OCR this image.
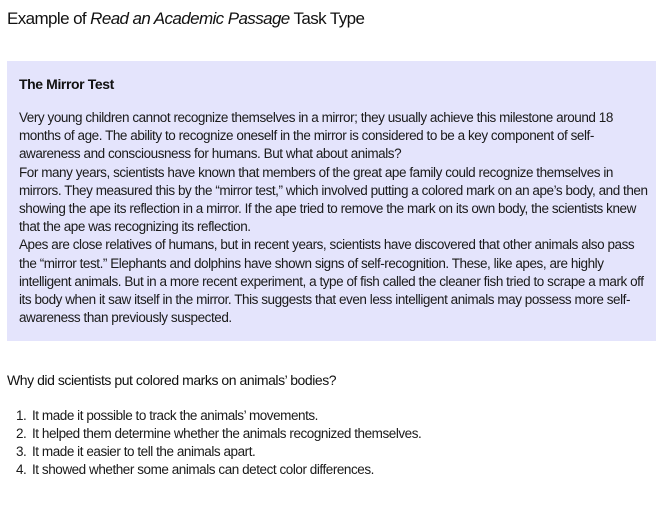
Example of Read an Academic Passage Task Type
The Mirror Test

Very young children cannot recognize themselves in a mirror; they usually achieve this milestone around 18 months of age. The ability to recognize oneself in the mirror is considered to be a key component of self-awareness and consciousness for humans. But what about animals?

For many years, scientists have known that members of the great ape family could recognize themselves in mirrors. They measured this by the “mirror test,” which involved putting a colored mark on an ape’s body, and then showing the ape its reflection in a mirror. If the ape tried to remove the mark on its own body, the scientists knew that the ape was recognizing its reflection.

Apes are close relatives of humans, but in recent years, scientists have discovered that other animals also pass the “mirror test.” Elephants and dolphins have shown signs of self-recognition. These, like apes, are highly intelligent animals. But in a more recent experiment, a type of fish called the cleaner fish tried to scrape a mark off its body when it saw itself in the mirror. This suggests that even less intelligent animals may possess more self-awareness than previously suspected.

Why did scientists put colored marks on animals’ bodies?
1. It made it possible to track the animals’ movements.
2. It helped them determine whether the animals recognized themselves.
3. It made it easier to tell the animals apart.
4. It showed whether some animals can detect color differences.
